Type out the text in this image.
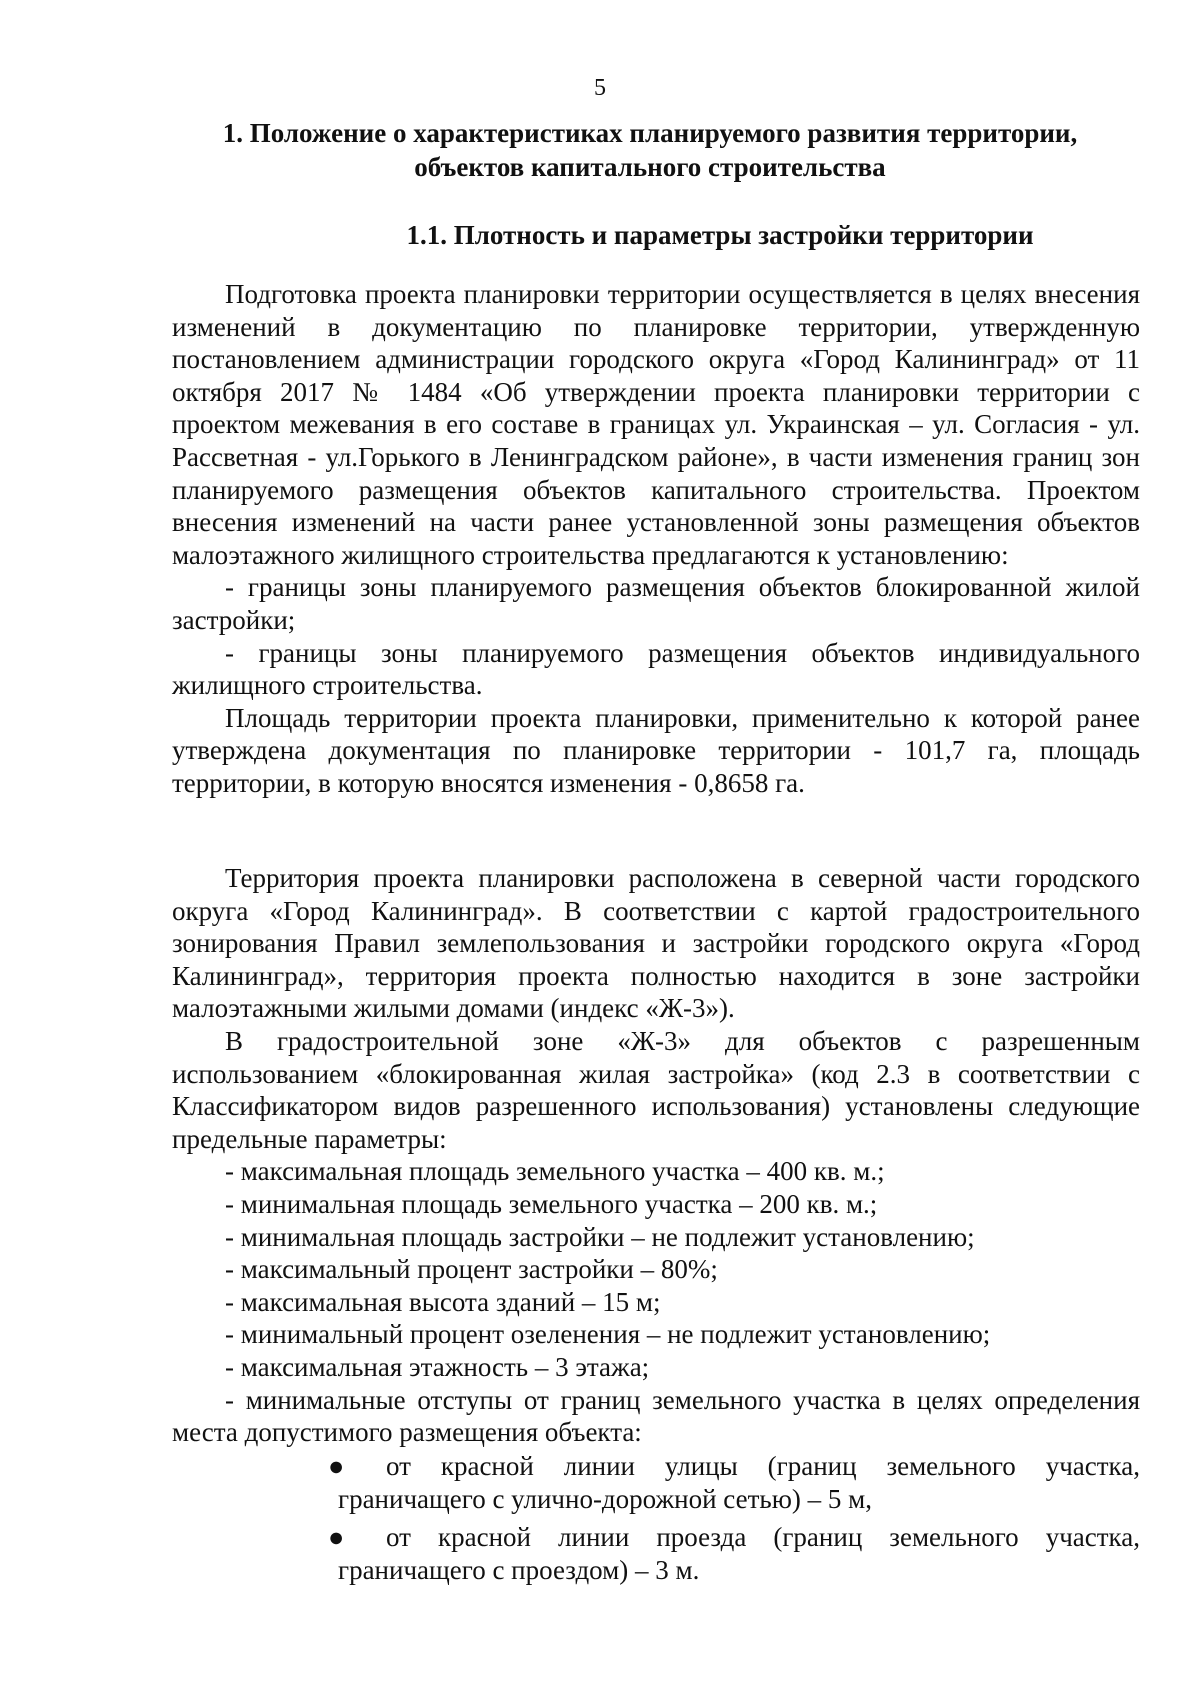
5
1. Положение о характеристиках планируемого развития территории, объектов капитального строительства
1.1. Плотность и параметры застройки территории

Подготовка проекта планировки территории осуществляется в целях внесения изменений в документацию по планировке территории, утвержденную постановлением администрации городского округа «Город Калининград» от 11 октября 2017 № 1484 «Об утверждении проекта планировки территории с проектом межевания в его составе в границах ул. Украинская – ул. Согласия - ул. Рассветная - ул.Горького в Ленинградском районе», в части изменения границ зон планируемого размещения объектов капитального строительства. Проектом внесения изменений на части ранее установленной зоны размещения объектов малоэтажного жилищного строительства предлагаются к установлению:

- границы зоны планируемого размещения объектов блокированной жилой застройки;

- границы зоны планируемого размещения объектов индивидуального жилищного строительства.

Площадь территории проекта планировки, применительно к которой ранее утверждена документация по планировке территории - 101,7 га, площадь территории, в которую вносятся изменения - 0,8658 га.

Территория проекта планировки расположена в северной части городского округа «Город Калининград». В соответствии с картой градостроительного зонирования Правил землепользования и застройки городского округа «Город Калининград», территория проекта полностью находится в зоне застройки малоэтажными жилыми домами (индекс «Ж-3»).

В градостроительной зоне «Ж-3» для объектов с разрешенным использованием «блокированная жилая застройка» (код 2.3 в соответствии с Классификатором видов разрешенного использования) установлены следующие предельные параметры:

- максимальная площадь земельного участка – 400 кв. м.;

- минимальная площадь земельного участка – 200 кв. м.;

- минимальная площадь застройки – не подлежит установлению;

- максимальный процент застройки – 80%;

- максимальная высота зданий – 15 м;

- минимальный процент озеленения – не подлежит установлению;

- максимальная этажность – 3 этажа;

- минимальные отступы от границ земельного участка в целях определения места допустимого размещения объекта:

●	от красной линии улицы (границ земельного участка, граничащего с улично-дорожной сетью) – 5 м,
●	от красной линии проезда (границ земельного участка, граничащего с проездом) – 3 м.
